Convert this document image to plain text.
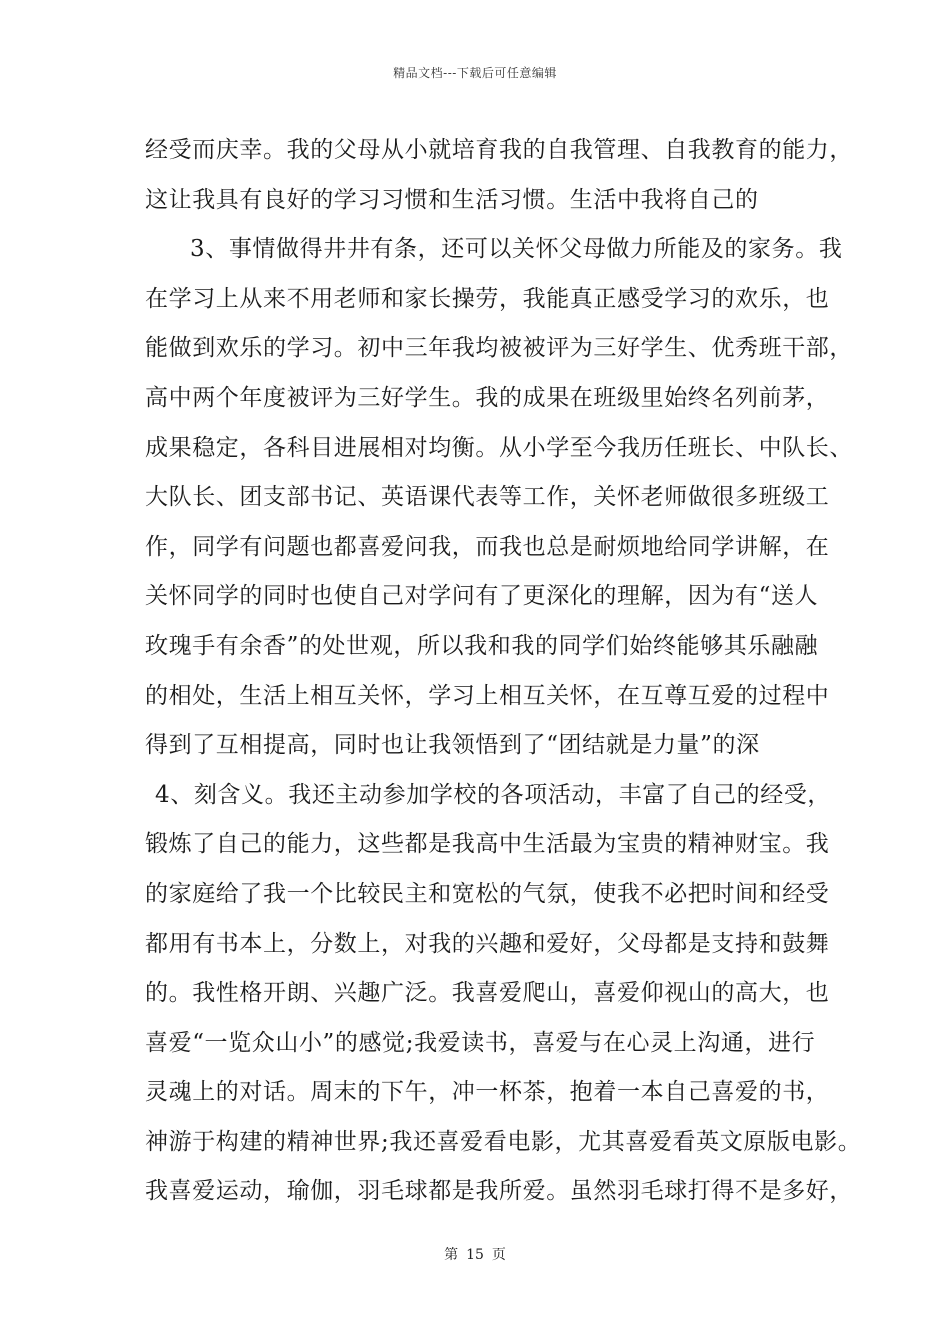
精品文档---下载后可任意编辑
经受而庆幸。我的父母从小就培育我的自我管理、自我教育的能力，
这让我具有良好的学习习惯和生活习惯。生活中我将自己的
3、事情做得井井有条，还可以关怀父母做力所能及的家务。我
在学习上从来不用老师和家长操劳，我能真正感受学习的欢乐，也
能做到欢乐的学习。初中三年我均被被评为三好学生、优秀班干部，
高中两个年度被评为三好学生。我的成果在班级里始终名列前茅，
成果稳定，各科目进展相对均衡。从小学至今我历任班长、中队长、
大队长、团支部书记、英语课代表等工作，关怀老师做很多班级工
作，同学有问题也都喜爱问我，而我也总是耐烦地给同学讲解，在
关怀同学的同时也使自己对学问有了更深化的理解，因为有“送人
玫瑰手有余香”的处世观，所以我和我的同学们始终能够其乐融融
的相处，生活上相互关怀，学习上相互关怀，在互尊互爱的过程中
得到了互相提高，同时也让我领悟到了“团结就是力量”的深
4、刻含义。我还主动参加学校的各项活动，丰富了自己的经受，
锻炼了自己的能力，这些都是我高中生活最为宝贵的精神财宝。我
的家庭给了我一个比较民主和宽松的气氛，使我不必把时间和经受
都用有书本上，分数上，对我的兴趣和爱好，父母都是支持和鼓舞
的。我性格开朗、兴趣广泛。我喜爱爬山，喜爱仰视山的高大，也
喜爱“一览众山小”的感觉;我爱读书，喜爱与在心灵上沟通，进行
灵魂上的对话。周末的下午，冲一杯茶，抱着一本自己喜爱的书，
神游于构建的精神世界;我还喜爱看电影，尤其喜爱看英文原版电影。
我喜爱运动，瑜伽，羽毛球都是我所爱。虽然羽毛球打得不是多好，
第 15 页
